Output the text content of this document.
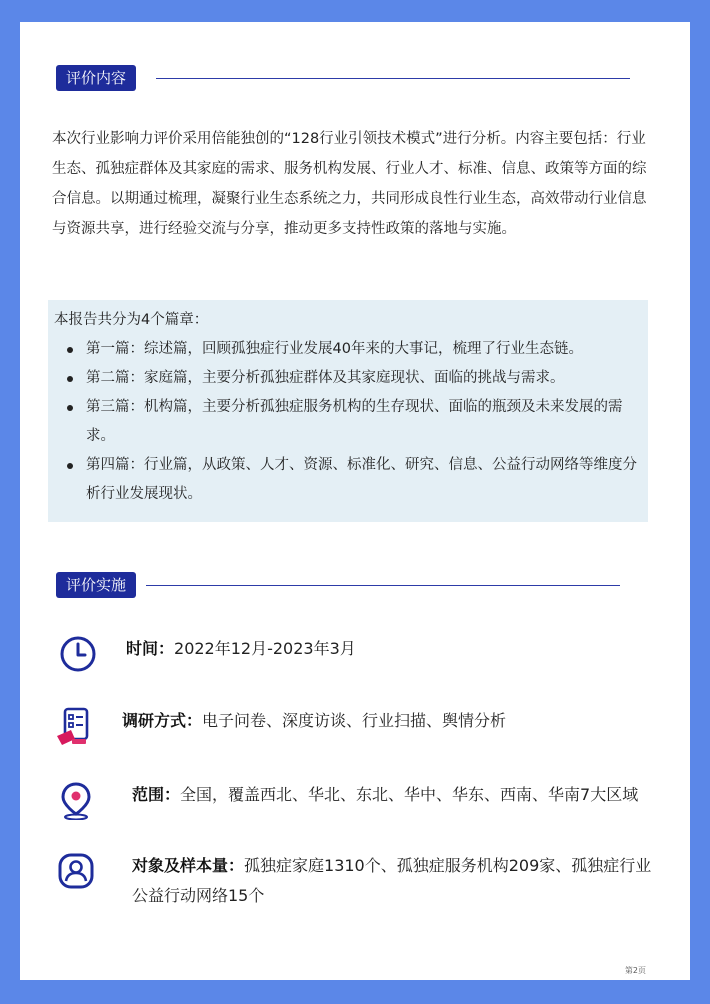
评价内容

本次行业影响力评价采用倍能独创的“128行业引领技术模式”进行分析。内容主要包括：行业生态、孤独症群体及其家庭的需求、服务机构发展、行业人才、标准、信息、政策等方面的综合信息。以期通过梳理，凝聚行业生态系统之力，共同形成良性行业生态，高效带动行业信息与资源共享，进行经验交流与分享，推动更多支持性政策的落地与实施。

本报告共分为4个篇章：
第一篇：综述篇，回顾孤独症行业发展40年来的大事记，梳理了行业生态链。
第二篇：家庭篇，主要分析孤独症群体及其家庭现状、面临的挑战与需求。
第三篇：机构篇，主要分析孤独症服务机构的生存现状、面临的瓶颈及未来发展的需求。
第四篇：行业篇，从政策、人才、资源、标准化、研究、信息、公益行动网络等维度分析行业发展现状。
评价实施
时间：2022年12月-2023年3月
调研方式：电子问卷、深度访谈、行业扫描、舆情分析
范围：全国，覆盖西北、华北、东北、华中、华东、西南、华南7大区域
对象及样本量：孤独症家庭1310个、孤独症服务机构209家、孤独症行业公益行动网络15个
第2页
